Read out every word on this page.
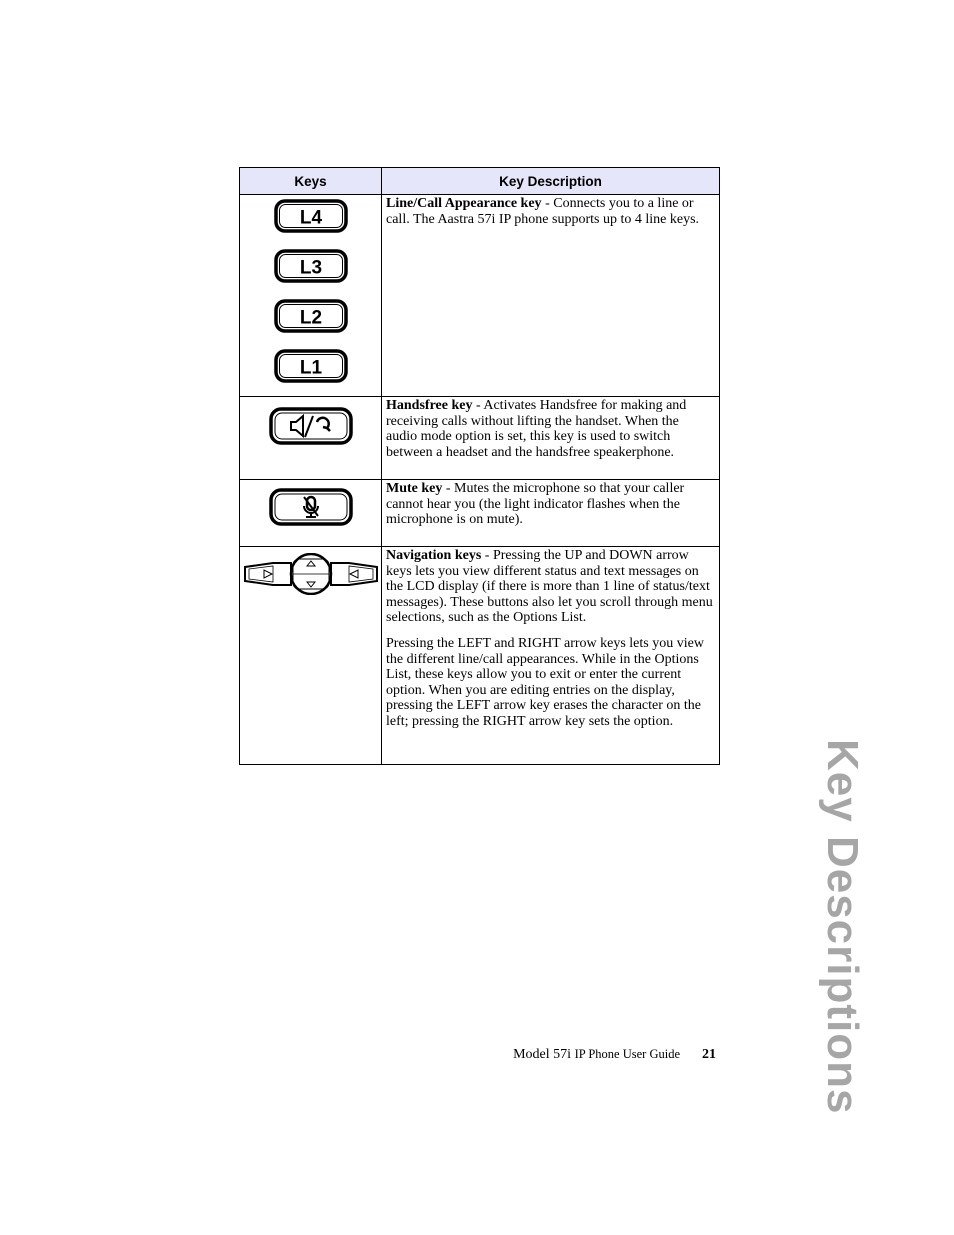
Keys	Key Description

L4
L3
L2
L1	Line/Call Appearance key - Connects you to a line or call. The Aastra 57i IP phone supports up to 4 line keys.

Handsfree key - Activates Handsfree for making and receiving calls without lifting the handset. When the audio mode option is set, this key is used to switch between a headset and the handsfree speakerphone.

Mute key - Mutes the microphone so that your caller cannot hear you (the light indicator flashes when the microphone is on mute).

Navigation keys - Pressing the UP and DOWN arrow keys lets you view different status and text messages on the LCD display (if there is more than 1 line of status/text messages). These buttons also let you scroll through menu selections, such as the Options List.

Pressing the LEFT and RIGHT arrow keys lets you view the different line/call appearances. While in the Options List, these keys allow you to exit or enter the current option. When you are editing entries on the display, pressing the LEFT arrow key erases the character on the left; pressing the RIGHT arrow key sets the option.

Key Descriptions
Model 57i IP Phone User Guide 21
